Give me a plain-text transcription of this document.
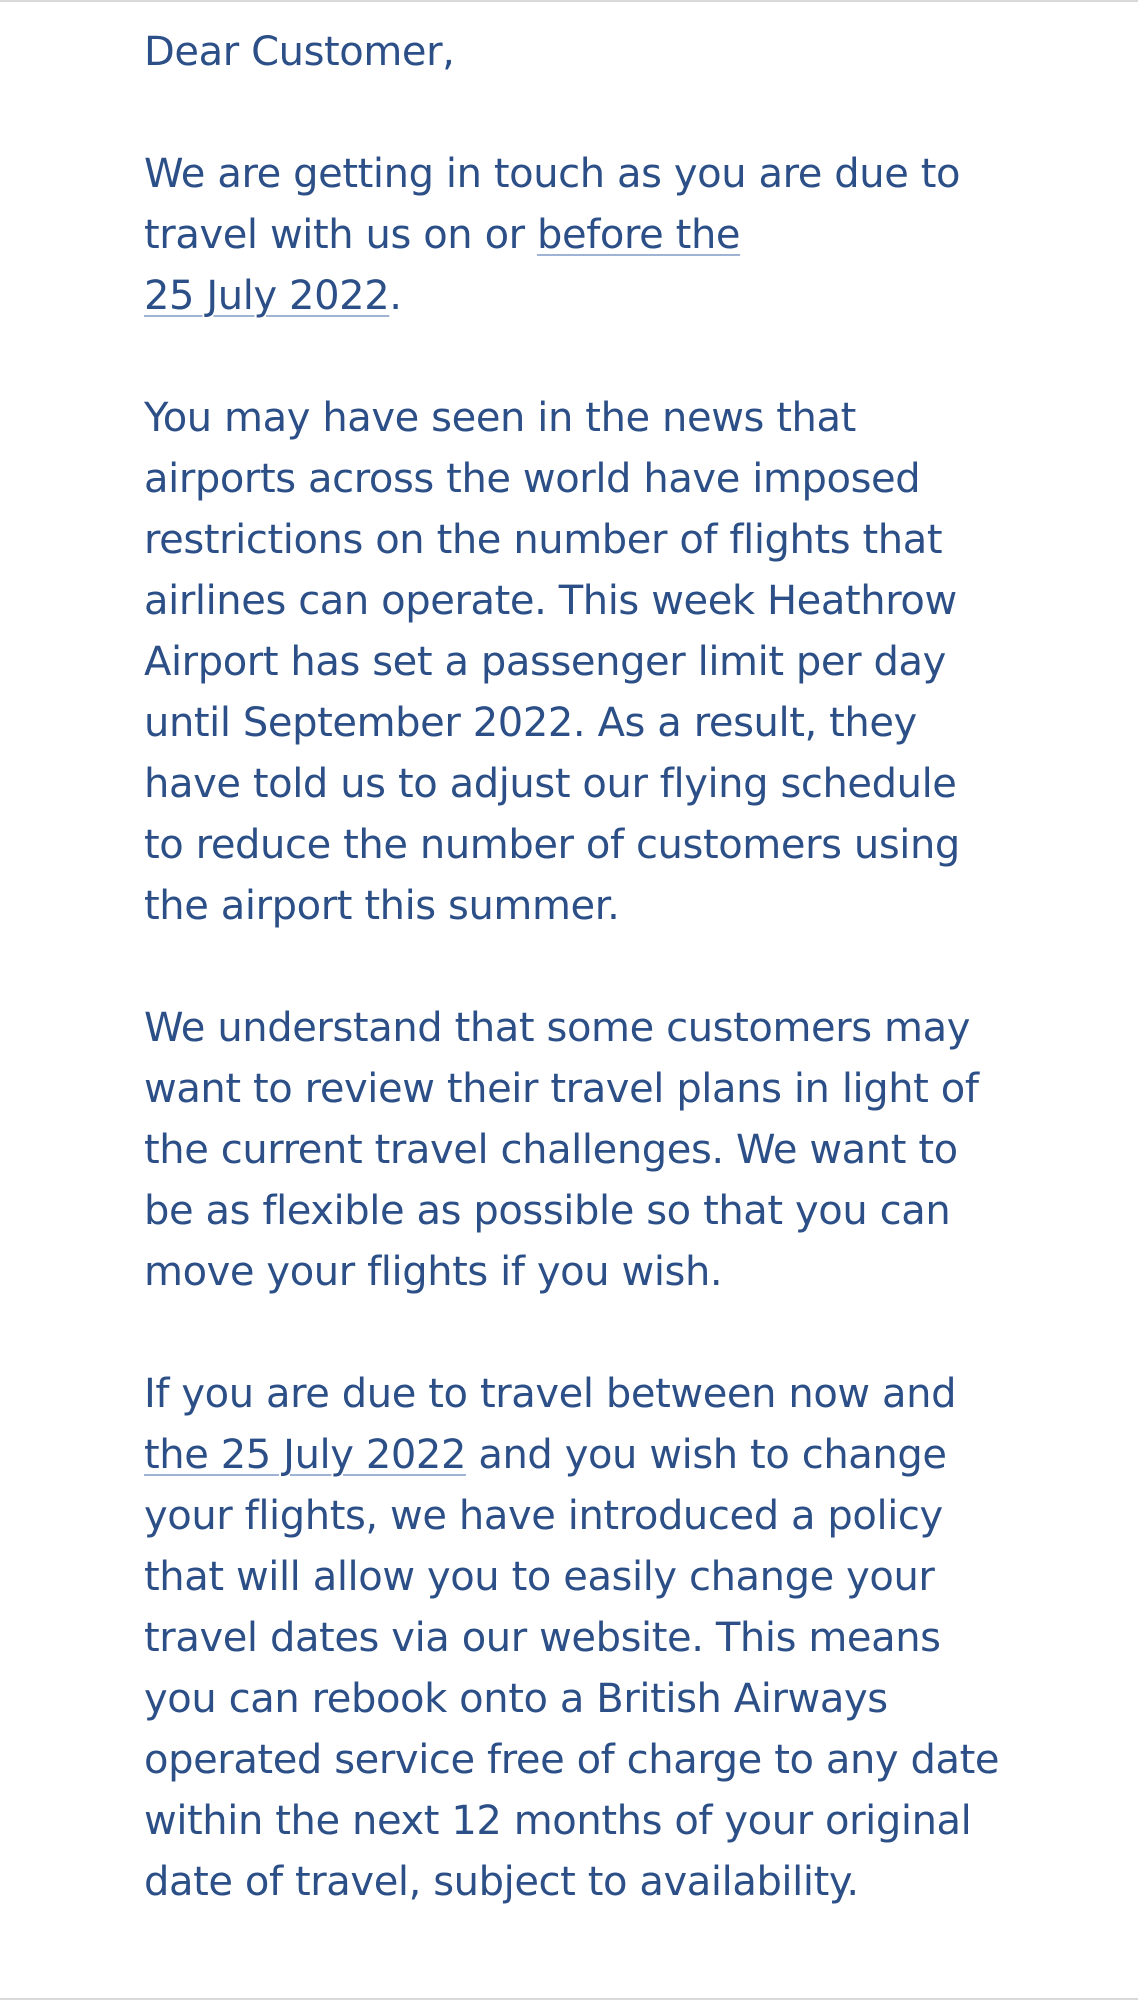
Dear Customer,

We are getting in touch as you are due to travel with us on or before the
25 July 2022.

You may have seen in the news that airports across the world have imposed restrictions on the number of flights that airlines can operate. This week Heathrow Airport has set a passenger limit per day until September 2022. As a result, they have told us to adjust our flying schedule to reduce the number of customers using the airport this summer.

We understand that some customers may want to review their travel plans in light of the current travel challenges. We want to be as flexible as possible so that you can move your flights if you wish.

If you are due to travel between now and the 25 July 2022 and you wish to change your flights, we have introduced a policy that will allow you to easily change your travel dates via our website. This means you can rebook onto a British Airways operated service free of charge to any date within the next 12 months of your original date of travel, subject to availability.
